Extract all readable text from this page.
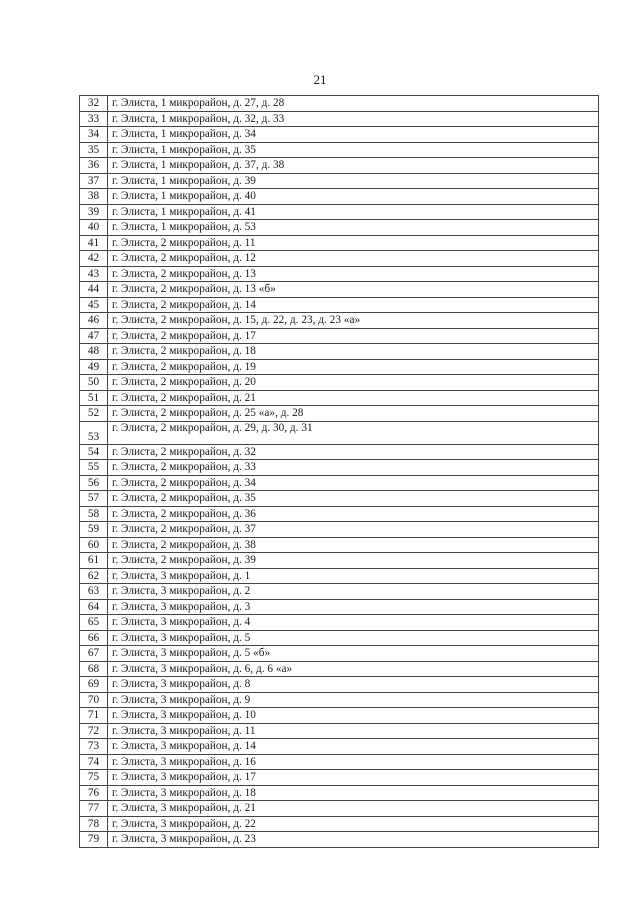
21
32	г. Элиста, 1 микрорайон, д. 27, д. 28
33	г. Элиста, 1 микрорайон, д. 32, д. 33
34	г. Элиста, 1 микрорайон, д. 34
35	г. Элиста, 1 микрорайон, д. 35
36	г. Элиста, 1 микрорайон, д. 37, д. 38
37	г. Элиста, 1 микрорайон, д. 39
38	г. Элиста, 1 микрорайон, д. 40
39	г. Элиста, 1 микрорайон, д. 41
40	г. Элиста, 1 микрорайон, д. 53
41	г. Элиста, 2 микрорайон, д. 11
42	г. Элиста, 2 микрорайон, д. 12
43	г. Элиста, 2 микрорайон, д. 13
44	г. Элиста, 2 микрорайон, д. 13 «б»
45	г. Элиста, 2 микрорайон, д. 14
46	г. Элиста, 2 микрорайон, д. 15, д. 22, д. 23, д. 23 «а»
47	г. Элиста, 2 микрорайон, д. 17
48	г. Элиста, 2 микрорайон, д. 18
49	г. Элиста, 2 микрорайон, д. 19
50	г. Элиста, 2 микрорайон, д. 20
51	г. Элиста, 2 микрорайон, д. 21
52	г. Элиста, 2 микрорайон, д. 25 «а», д. 28
53	г. Элиста, 2 микрорайон, д. 29, д. 30, д. 31
54	г. Элиста, 2 микрорайон, д. 32
55	г. Элиста, 2 микрорайон, д. 33
56	г. Элиста, 2 микрорайон, д. 34
57	г. Элиста, 2 микрорайон, д. 35
58	г. Элиста, 2 микрорайон, д. 36
59	г. Элиста, 2 микрорайон, д. 37
60	г. Элиста, 2 микрорайон, д. 38
61	г. Элиста, 2 микрорайон, д. 39
62	г. Элиста, 3 микрорайон, д. 1
63	г. Элиста, 3 микрорайон, д. 2
64	г. Элиста, 3 микрорайон, д. 3
65	г. Элиста, 3 микрорайон, д. 4
66	г. Элиста, 3 микрорайон, д. 5
67	г. Элиста, 3 микрорайон, д. 5 «б»
68	г. Элиста, 3 микрорайон, д. 6, д. 6 «а»
69	г. Элиста, 3 микрорайон, д. 8
70	г. Элиста, 3 микрорайон, д. 9
71	г. Элиста, 3 микрорайон, д. 10
72	г. Элиста, 3 микрорайон, д. 11
73	г. Элиста, 3 микрорайон, д. 14
74	г. Элиста, 3 микрорайон, д. 16
75	г. Элиста, 3 микрорайон, д. 17
76	г. Элиста, 3 микрорайон, д. 18
77	г. Элиста, 3 микрорайон, д. 21
78	г. Элиста, 3 микрорайон, д. 22
79	г. Элиста, 3 микрорайон, д. 23
